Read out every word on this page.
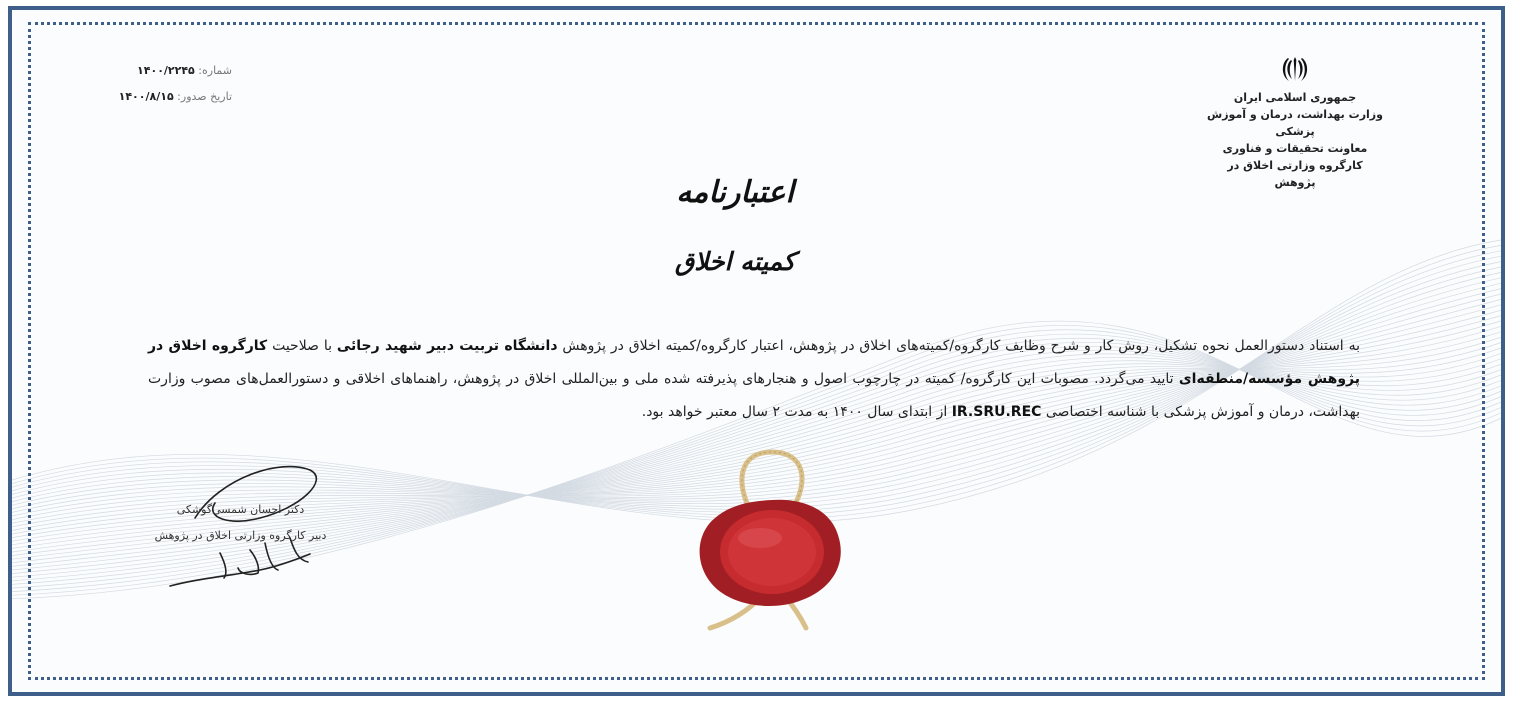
شماره: ۱۴۰۰/۲۲۴۵
تاریخ صدور: ۱۴۰۰/۸/۱۵	جمهوری اسلامی ایران
وزارت بهداشت، درمان و آموزش پزشکی
معاونت تحقیقات و فناوری
کارگروه وزارتی اخلاق در پژوهش
اعتبارنامه
کمیته اخلاق
به استناد دستورالعمل نحوه تشکیل، روش کار و شرح وظایف کارگروه/کمیته‌های اخلاق در پژوهش، اعتبار کارگروه/کمیته اخلاق در پژوهش دانشگاه تربیت دبیر شهید رجائی با صلاحیت کارگروه اخلاق در پژوهش مؤسسه/منطقه‌ای تایید می‌گردد. مصوبات این کارگروه/ کمیته در چارچوب اصول و هنجارهای پذیرفته شده ملی و بین‌المللی اخلاق در پژوهش، راهنماهای اخلاقی و دستورالعمل‌های مصوب وزارت بهداشت، درمان و آموزش پزشکی با شناسه اختصاصی IR.SRU.REC از ابتدای سال ۱۴۰۰ به مدت ۲ سال معتبر خواهد بود.
دکتر احسان شمسی‌گوشکی
دبیر کارگروه وزارتی اخلاق در پژوهش
